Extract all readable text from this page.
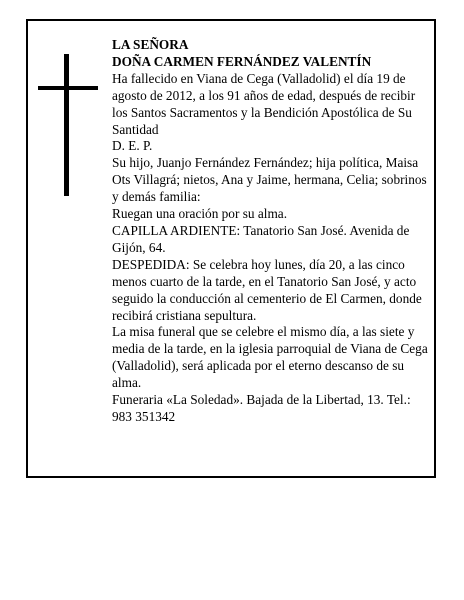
LA SEÑORA

DOÑA CARMEN FERNÁNDEZ VALENTÍN

Ha fallecido en Viana de Cega (Valladolid) el día 19 de agosto de 2012, a los 91 años de edad, después de recibir los Santos Sacramentos y la Bendición Apostólica de Su Santidad

D. E. P.

Su hijo, Juanjo Fernández Fernández; hija política, Maisa Ots Villagrá; nietos, Ana y Jaime, hermana, Celia; sobrinos y demás familia:

Ruegan una oración por su alma.

CAPILLA ARDIENTE: Tanatorio San José. Avenida de Gijón, 64.

DESPEDIDA: Se celebra hoy lunes, día 20, a las cinco menos cuarto de la tarde, en el Tanatorio San José, y acto seguido la conducción al cementerio de El Carmen, donde recibirá cristiana sepultura.

La misa funeral que se celebre el mismo día, a las siete y media de la tarde, en la iglesia parroquial de Viana de Cega (Valladolid), será aplicada por el eterno descanso de su alma.

Funeraria «La Soledad». Bajada de la Libertad, 13. Tel.: 983 351342
